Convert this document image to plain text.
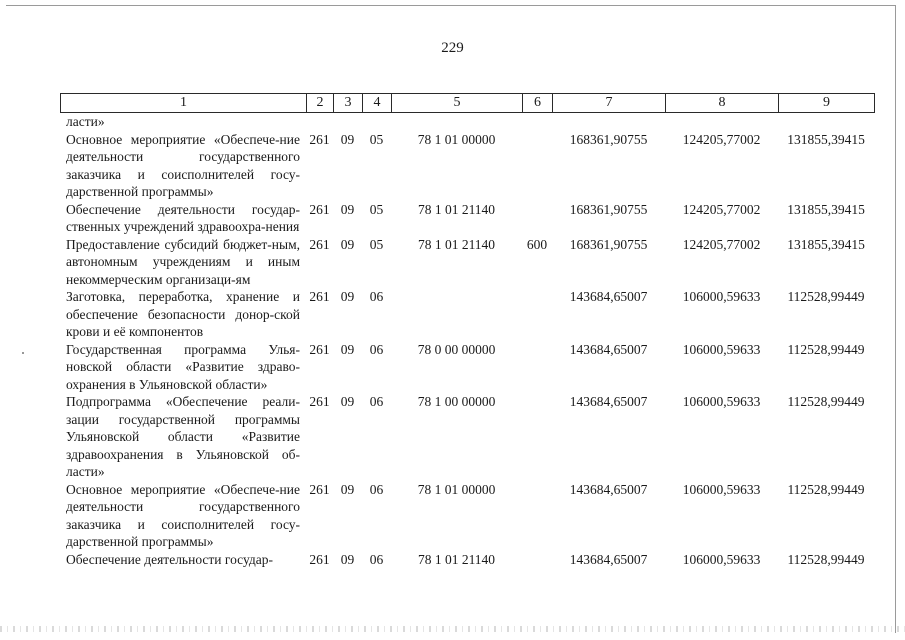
229
1	2	3	4	5	6	7	8	9
ласти»								
Основное мероприятие «Обеспече-ние деятельности государственного заказчика и соисполнителей госу-дарственной программы»	261	09	05	78 1 01 00000		168361,90755	124205,77002	131855,39415
Обеспечение деятельности государ-ственных учреждений здравоохра-нения	261	09	05	78 1 01 21140		168361,90755	124205,77002	131855,39415
Предоставление субсидий бюджет-ным, автономным учреждениям и иным некоммерческим организаци-ям	261	09	05	78 1 01 21140	600	168361,90755	124205,77002	131855,39415
Заготовка, переработка, хранение и обеспечение безопасности донор-ской крови и её компонентов	261	09	06			143684,65007	106000,59633	112528,99449
Государственная программа Улья-новской области «Развитие здраво-охранения в Ульяновской области»	261	09	06	78 0 00 00000		143684,65007	106000,59633	112528,99449
Подпрограмма «Обеспечение реали-зации государственной программы Ульяновской области «Развитие здравоохранения в Ульяновской об-ласти»	261	09	06	78 1 00 00000		143684,65007	106000,59633	112528,99449
Основное мероприятие «Обеспече-ние деятельности государственного заказчика и соисполнителей госу-дарственной программы»	261	09	06	78 1 01 00000		143684,65007	106000,59633	112528,99449
Обеспечение деятельности государ-	261	09	06	78 1 01 21140		143684,65007	106000,59633	112528,99449
